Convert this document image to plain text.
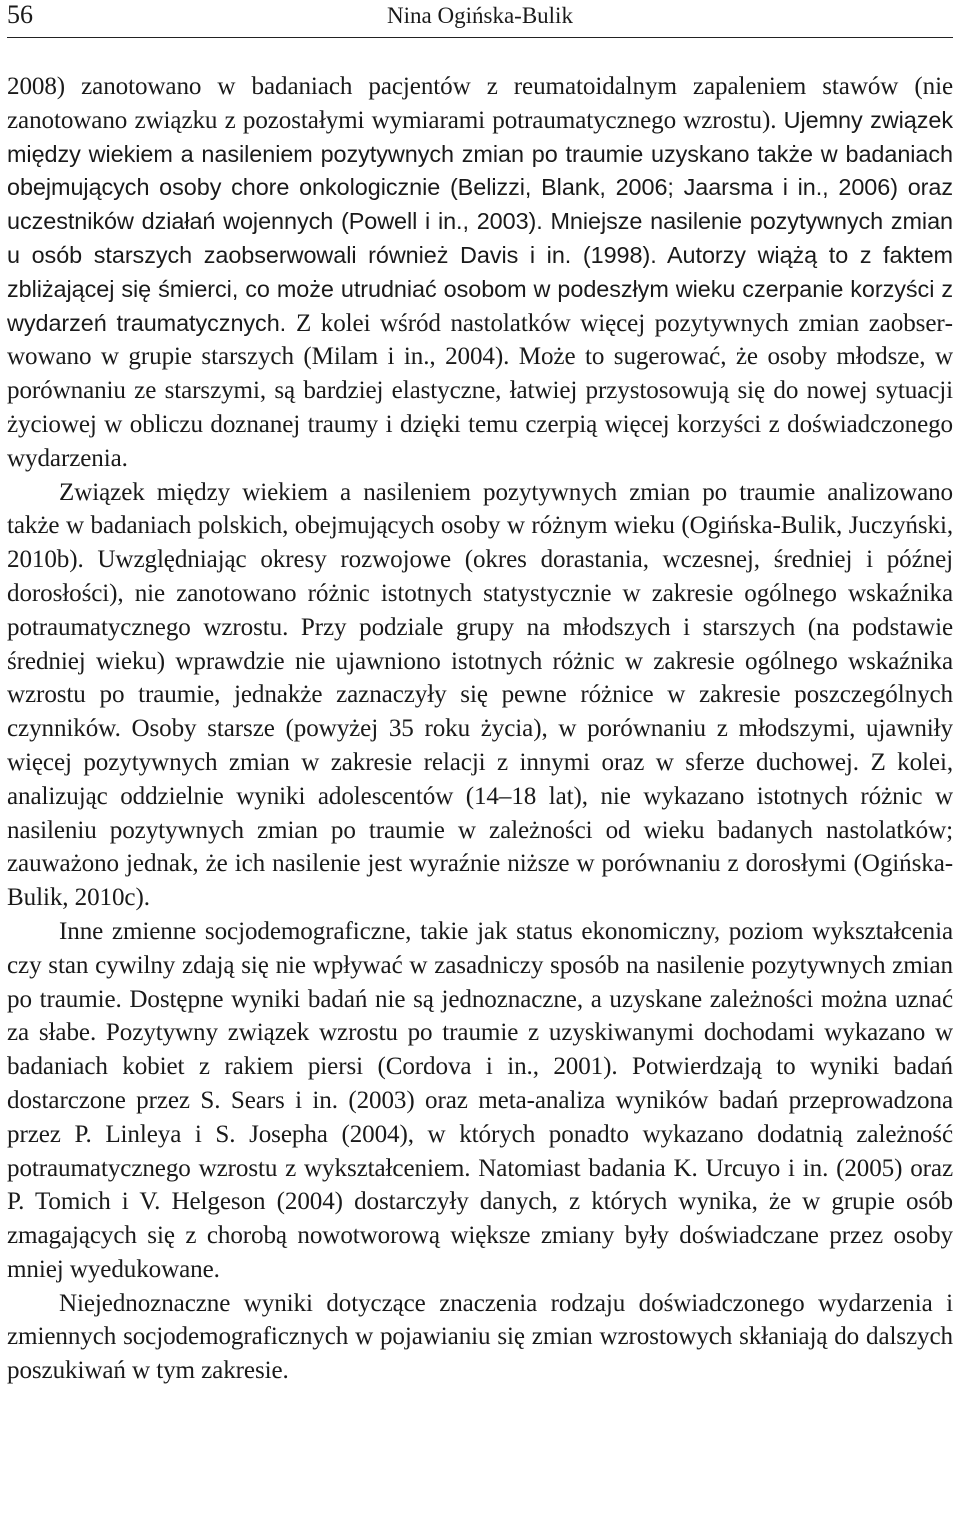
56	Nina Ogińska-Bulik

2008) zanotowano w badaniach pacjentów z reumatoidalnym zapaleniem stawów (nie zanotowano związku z pozostałymi wymiarami potraumatycznego wzrostu). Ujemny związek między wiekiem a nasileniem pozytywnych zmian po traumie uzyskano także w badaniach obejmujących osoby chore onkologicznie (Belizzi, Blank, 2006; Jaarsma i in., 2006) oraz uczestników działań wojennych (Powell i in., 2003). Mniejsze nasilenie pozytywnych zmian u osób starszych zaobserwowali również Davis i in. (1998). Autorzy wiążą to z faktem zbliżającej się śmierci, co może utrudniać osobom w podeszłym wieku czerpanie korzyści z wydarzeń traumatycznych. Z kolei wśród nastolatków więcej pozytywnych zmian zaobserwowano w grupie starszych (Milam i in., 2004). Może to sugerować, że osoby młodsze, w porównaniu ze starszymi, są bardziej elastyczne, łatwiej przystosowują się do nowej sytuacji życiowej w obliczu doznanej traumy i dzięki temu czerpią więcej korzyści z doświadczonego wydarzenia.

Związek między wiekiem a nasileniem pozytywnych zmian po traumie analizowano także w badaniach polskich, obejmujących osoby w różnym wieku (Ogińska-Bulik, Juczyński, 2010b). Uwzględniając okresy rozwojowe (okres dorastania, wczesnej, średniej i późnej dorosłości), nie zanotowano różnic istotnych statystycznie w zakresie ogólnego wskaźnika potraumatycznego wzrostu. Przy podziale grupy na młodszych i starszych (na podstawie średniej wieku) wprawdzie nie ujawniono istotnych różnic w zakresie ogólnego wskaźnika wzrostu po traumie, jednakże zaznaczyły się pewne różnice w zakresie poszczególnych czynników. Osoby starsze (powyżej 35 roku życia), w porównaniu z młodszymi, ujawniły więcej pozytywnych zmian w zakresie relacji z innymi oraz w sferze duchowej. Z kolei, analizując oddzielnie wyniki adolescentów (14–18 lat), nie wykazano istotnych różnic w nasileniu pozytywnych zmian po traumie w zależności od wieku badanych nastolatków; zauważono jednak, że ich nasilenie jest wyraźnie niższe w porównaniu z dorosłymi (Ogińska-Bulik, 2010c).

Inne zmienne socjodemograficzne, takie jak status ekonomiczny, poziom wykształcenia czy stan cywilny zdają się nie wpływać w zasadniczy sposób na nasilenie pozytywnych zmian po traumie. Dostępne wyniki badań nie są jednoznaczne, a uzyskane zależności można uznać za słabe. Pozytywny związek wzrostu po traumie z uzyskiwanymi dochodami wykazano w badaniach kobiet z rakiem piersi (Cordova i in., 2001). Potwierdzają to wyniki badań dostarczone przez S. Sears i in. (2003) oraz meta-analiza wyników badań przeprowadzona przez P. Linleya i S. Josepha (2004), w których ponadto wykazano dodatnią zależność potraumatycznego wzrostu z wykształceniem. Natomiast badania K. Urcuyo i in. (2005) oraz P. Tomich i V. Helgeson (2004) dostarczyły danych, z których wynika, że w grupie osób zmagających się z chorobą nowotworową większe zmiany były doświadczane przez osoby mniej wyedukowane.

Niejednoznaczne wyniki dotyczące znaczenia rodzaju doświadczonego wydarzenia i zmiennych socjodemograficznych w pojawianiu się zmian wzrostowych skłaniają do dalszych poszukiwań w tym zakresie.
